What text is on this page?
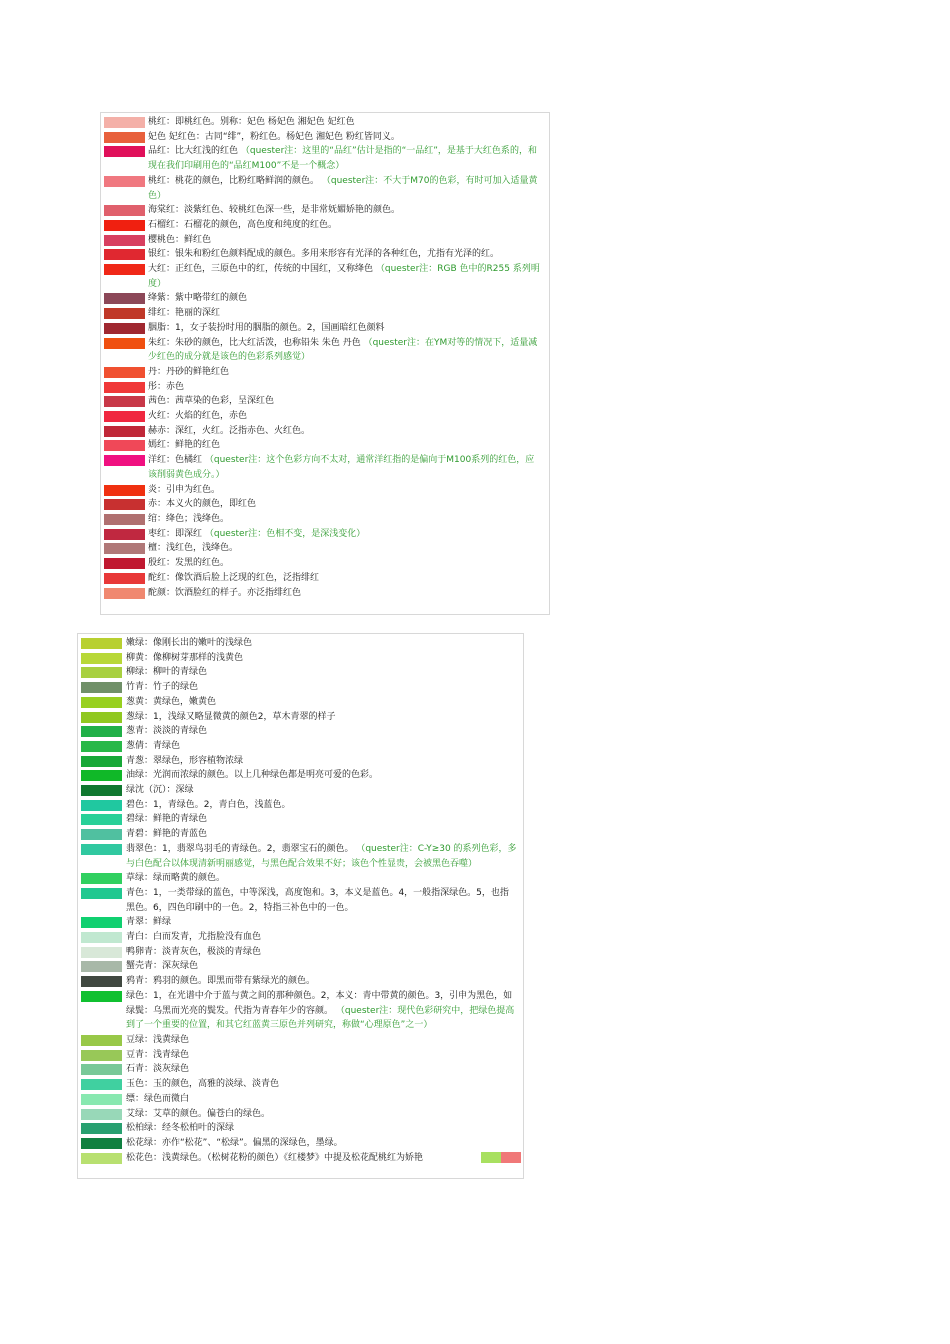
桃红：即桃红色。别称：妃色 杨妃色 湘妃色 妃红色
妃色 妃红色：古同“绯”，粉红色。杨妃色 湘妃色 粉红皆同义。
品红：比大红浅的红色 （quester注：这里的“品红”估计是指的“一品红”，是基于大红色系的，和现在我们印刷用色的“品红M100”不是一个概念）
桃红：桃花的颜色，比粉红略鲜润的颜色。 （quester注：不大于M70的色彩，有时可加入适量黄色）
海棠红：淡紫红色、较桃红色深一些，是非常妩媚娇艳的颜色。
石榴红：石榴花的颜色，高色度和纯度的红色。
樱桃色：鲜红色
银红：银朱和粉红色颜料配成的颜色。多用来形容有光泽的各种红色，尤指有光泽的红。
大红：正红色，三原色中的红，传统的中国红，又称绛色 （quester注：RGB 色中的R255 系列明度）
绛紫：紫中略带红的颜色
绯红：艳丽的深红
胭脂：1，女子装扮时用的胭脂的颜色。2，国画暗红色颜料
朱红：朱砂的颜色，比大红活泼，也称铅朱 朱色 丹色 （quester注：在YM对等的情况下，适量减少红色的成分就是该色的色彩系列感觉）
丹：丹砂的鲜艳红色
彤：赤色
茜色：茜草染的色彩，呈深红色
火红：火焰的红色，赤色
赫赤：深红，火红。泛指赤色、火红色。
嫣红：鲜艳的红色
洋红：色橘红 （quester注：这个色彩方向不太对，通常洋红指的是偏向于M100系列的红色，应该削弱黄色成分。）
炎：引申为红色。
赤：本义火的颜色，即红色
绾：绛色；浅绛色。
枣红：即深红 （quester注：色相不变，是深浅变化）
檀：浅红色，浅绛色。
殷红：发黑的红色。
酡红：像饮酒后脸上泛现的红色，泛指绯红
酡颜：饮酒脸红的样子。亦泛指绯红色
嫩绿：像刚长出的嫩叶的浅绿色
柳黄：像柳树芽那样的浅黄色
柳绿：柳叶的青绿色
竹青：竹子的绿色
葱黄：黄绿色，嫩黄色
葱绿：1，浅绿又略显微黄的颜色2，草木青翠的样子
葱青：淡淡的青绿色
葱倩：青绿色
青葱：翠绿色，形容植物浓绿
油绿：光润而浓绿的颜色。以上几种绿色都是明亮可爱的色彩。
绿沈（沉）：深绿
碧色：1，青绿色。2，青白色，浅蓝色。
碧绿：鲜艳的青绿色
青碧：鲜艳的青蓝色
翡翠色：1，翡翠鸟羽毛的青绿色。2，翡翠宝石的颜色。 （quester注：C-Y≥30 的系列色彩，多与白色配合以体现清新明丽感觉，与黑色配合效果不好；该色个性显贵，会被黑色吞噬）
草绿：绿而略黄的颜色。
青色：1，一类带绿的蓝色，中等深浅，高度饱和。3，本义是蓝色。4，一般指深绿色。5，也指黑色。6，四色印刷中的一色。2，特指三补色中的一色。
青翠：鲜绿
青白：白而发青，尤指脸没有血色
鸭卵青：淡青灰色，极淡的青绿色
蟹壳青：深灰绿色
鸦青：鸦羽的颜色。即黑而带有紫绿光的颜色。
绿色：1，在光谱中介于蓝与黄之间的那种颜色。2，本义：青中带黄的颜色。3，引申为黑色，如绿鬓：乌黑而光亮的鬓发。代指为青春年少的容颜。 （quester注：现代色彩研究中，把绿色提高到了一个重要的位置，和其它红蓝黄三原色并列研究，称做“心理原色”之一）
豆绿：浅黄绿色
豆青：浅青绿色
石青：淡灰绿色
玉色：玉的颜色，高雅的淡绿、淡青色
缥：绿色而微白
艾绿：艾草的颜色。偏苍白的绿色。
松柏绿：经冬松柏叶的深绿
松花绿：亦作“松花”、“松绿”。偏黑的深绿色，墨绿。
松花色：浅黄绿色。（松树花粉的颜色）《红楼梦》中提及松花配桃红为娇艳
